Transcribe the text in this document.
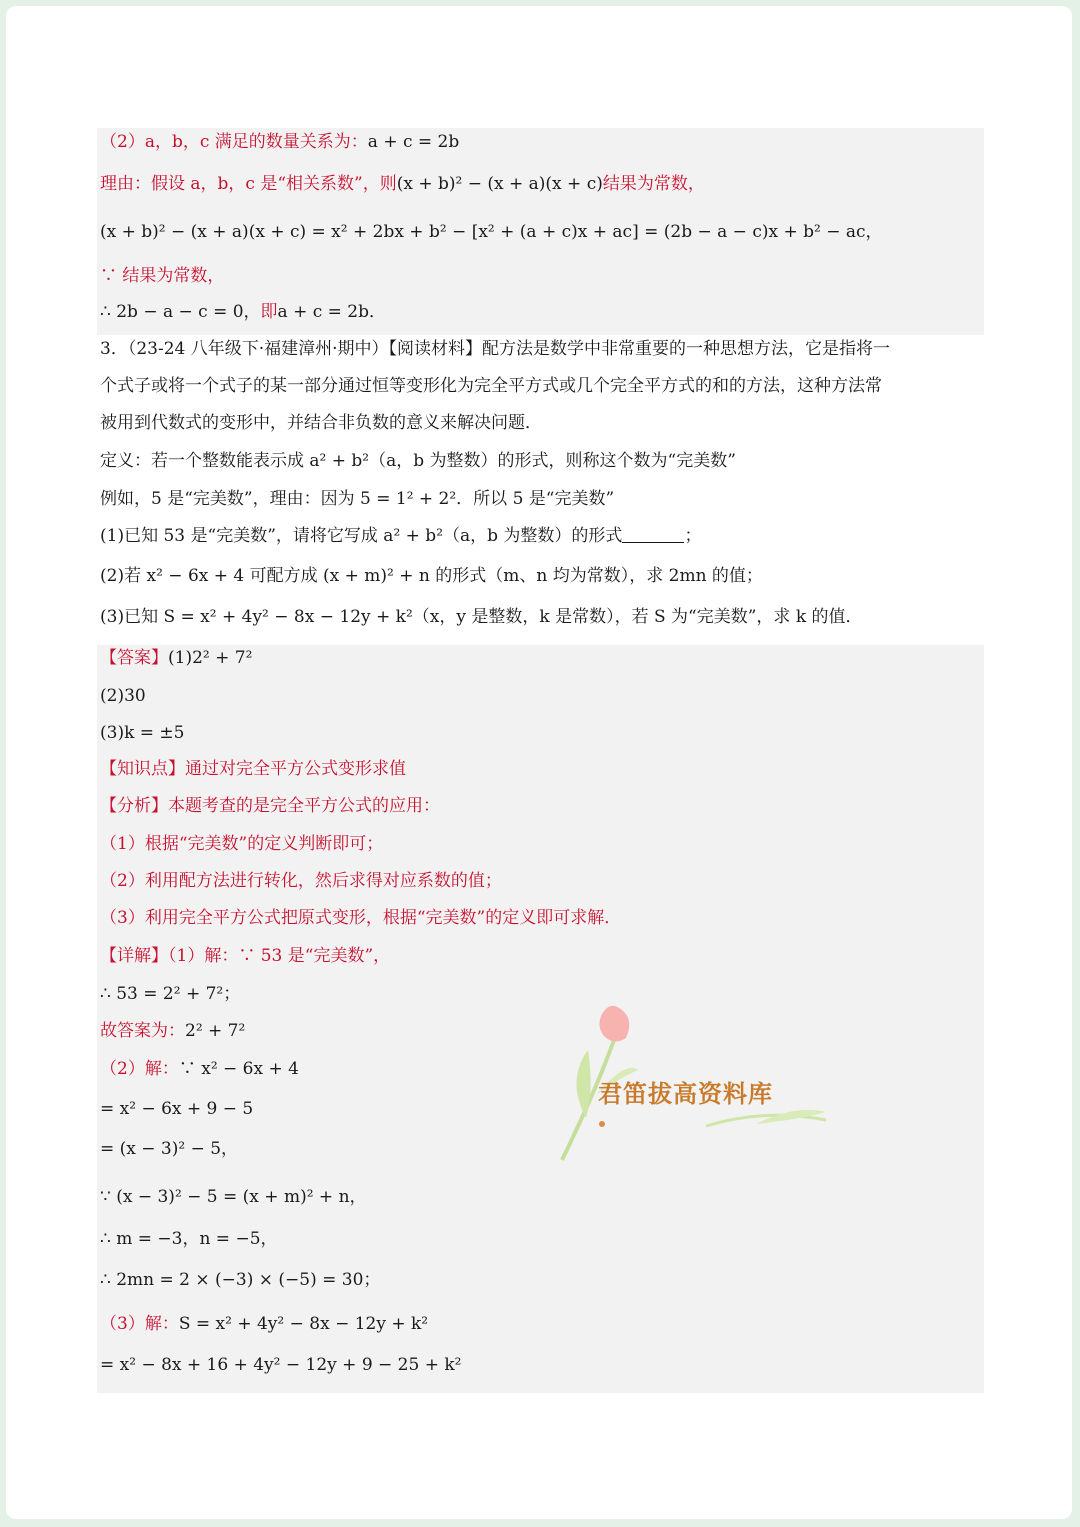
（2）a，b，c 满足的数量关系为：a + c = 2b
理由：假设 a，b，c 是“相关系数”，则(x + b)² − (x + a)(x + c)结果为常数，
(x + b)² − (x + a)(x + c) = x² + 2bx + b² − [x² + (a + c)x + ac] = (2b − a − c)x + b² − ac，
∵ 结果为常数，
∴ 2b − a − c = 0，即a + c = 2b．
3．（23-24 八年级下·福建漳州·期中）【阅读材料】配方法是数学中非常重要的一种思想方法，它是指将一
个式子或将一个式子的某一部分通过恒等变形化为完全平方式或几个完全平方式的和的方法，这种方法常
被用到代数式的变形中，并结合非负数的意义来解决问题．
定义：若一个整数能表示成 a² + b²（a，b 为整数）的形式，则称这个数为“完美数”
例如，5 是“完美数”，理由：因为 5 = 1² + 2²．所以 5 是“完美数”
(1)已知 53 是“完美数”，请将它写成 a² + b²（a，b 为整数）的形式	；
(2)若 x² − 6x + 4 可配方成 (x + m)² + n 的形式（m、n 均为常数），求 2mn 的值；
(3)已知 S = x² + 4y² − 8x − 12y + k²（x，y 是整数，k 是常数），若 S 为“完美数”，求 k 的值．
【答案】(1)2² + 7²
(2)30
(3)k = ±5
【知识点】通过对完全平方公式变形求值
【分析】本题考查的是完全平方公式的应用：
（1）根据“完美数”的定义判断即可；
（2）利用配方法进行转化，然后求得对应系数的值；
（3）利用完全平方公式把原式变形，根据“完美数”的定义即可求解．
【详解】（1）解：∵ 53 是“完美数”，
∴ 53 = 2² + 7²；
故答案为：2² + 7²
（2）解：∵ x² − 6x + 4
= x² − 6x + 9 − 5
= (x − 3)² − 5，
∵ (x − 3)² − 5 = (x + m)² + n，
∴ m = −3，n = −5，
∴ 2mn = 2 × (−3) × (−5) = 30；
（3）解：S = x² + 4y² − 8x − 12y + k²
= x² − 8x + 16 + 4y² − 12y + 9 − 25 + k²
君笛拔高资料库
